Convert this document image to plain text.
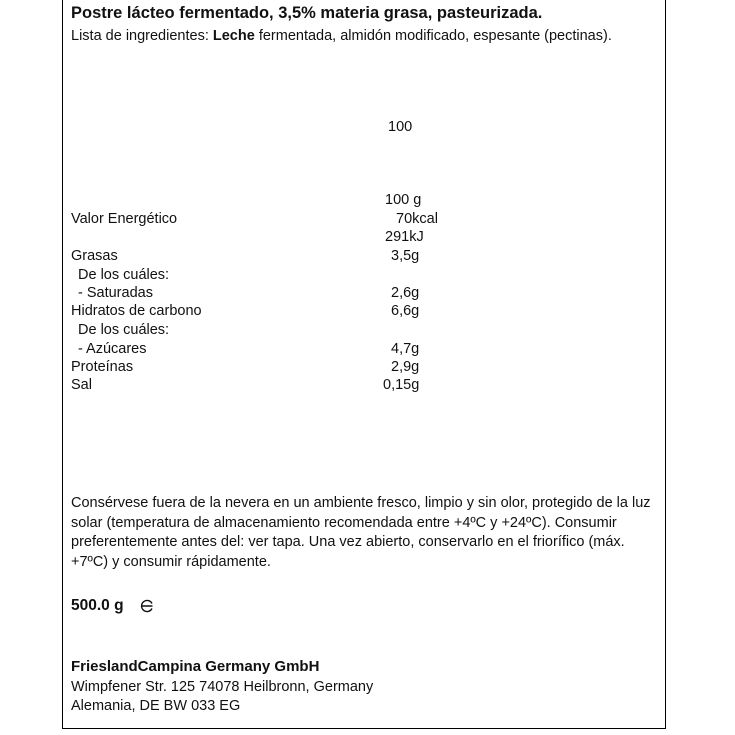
Postre lácteo fermentado, 3,5% materia grasa, pasteurizada.
Lista de ingredientes: Leche fermentada, almidón modificado, espesante (pectinas).
100
100 g
Valor Energético	70kcal
291kJ
Grasas	3,5g
De los cuáles:
- Saturadas	2,6g
Hidratos de carbono	6,6g
De los cuáles:
- Azúcares	4,7g
Proteínas	2,9g
Sal	0,15g
Consérvese fuera de la nevera en un ambiente fresco, limpio y sin olor, protegido de la luz solar (temperatura de almacenamiento recomendada entre +4ºC y +24ºC). Consumir preferentemente antes del: ver tapa. Una vez abierto, conservarlo en el friorífico (máx. +7ºC) y consumir rápidamente.
500.0 g
FrieslandCampina Germany GmbH
Wimpfener Str. 125 74078 Heilbronn, Germany
Alemania, DE BW 033 EG
